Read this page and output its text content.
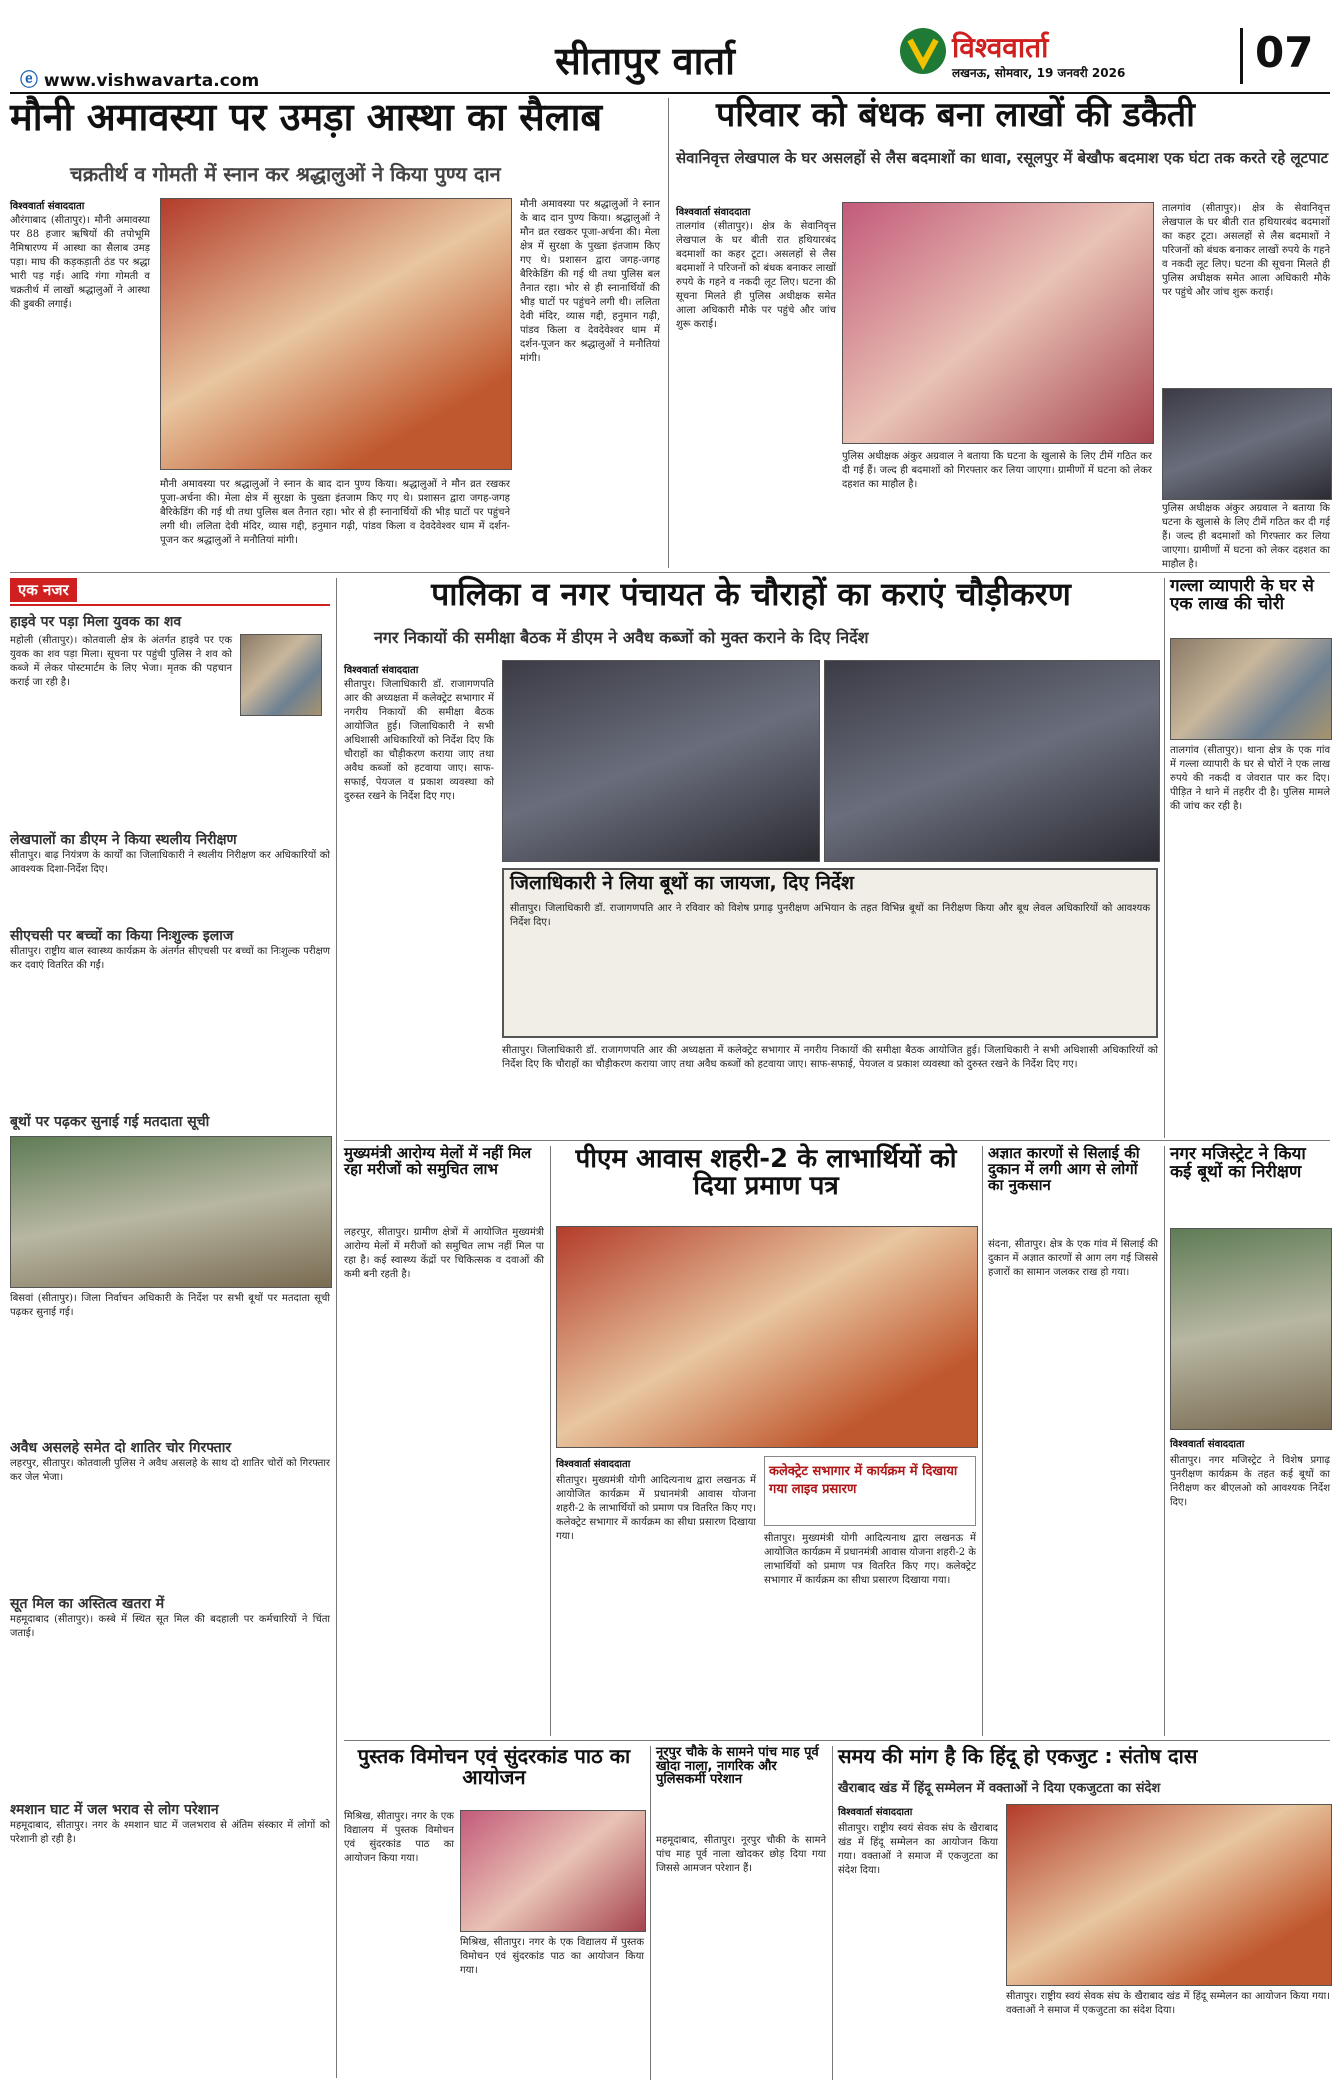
ⓔ www.vishwavarta.com	सीतापुर वार्ता	विश्ववार्ता
लखनऊ, सोमवार, 19 जनवरी 2026	07
मौनी अमावस्या पर उमड़ा आस्था का सैलाब
चक्रतीर्थ व गोमती में स्नान कर श्रद्धालुओं ने किया पुण्य दान
विश्ववार्ता संवाददाता
औरंगाबाद (सीतापुर)। मौनी अमावस्या पर 88 हजार ऋषियों की तपोभूमि नैमिषारण्य में आस्था का सैलाब उमड़ पड़ा। माघ की कड़कड़ाती ठंड पर श्रद्धा भारी पड़ गई। आदि गंगा गोमती व चक्रतीर्थ में लाखों श्रद्धालुओं ने आस्था की डुबकी लगाई।
मौनी अमावस्या पर श्रद्धालुओं ने स्नान के बाद दान पुण्य किया। श्रद्धालुओं ने मौन व्रत रखकर पूजा-अर्चना की। मेला क्षेत्र में सुरक्षा के पुख्ता इंतजाम किए गए थे। प्रशासन द्वारा जगह-जगह बैरिकेडिंग की गई थी तथा पुलिस बल तैनात रहा। भोर से ही स्नानार्थियों की भीड़ घाटों पर पहुंचने लगी थी। ललिता देवी मंदिर, व्यास गद्दी, हनुमान गढ़ी, पांडव किला व देवदेवेश्वर धाम में दर्शन-पूजन कर श्रद्धालुओं ने मनौतियां मांगी।
मौनी अमावस्या पर श्रद्धालुओं ने स्नान के बाद दान पुण्य किया। श्रद्धालुओं ने मौन व्रत रखकर पूजा-अर्चना की। मेला क्षेत्र में सुरक्षा के पुख्ता इंतजाम किए गए थे। प्रशासन द्वारा जगह-जगह बैरिकेडिंग की गई थी तथा पुलिस बल तैनात रहा। भोर से ही स्नानार्थियों की भीड़ घाटों पर पहुंचने लगी थी। ललिता देवी मंदिर, व्यास गद्दी, हनुमान गढ़ी, पांडव किला व देवदेवेश्वर धाम में दर्शन-पूजन कर श्रद्धालुओं ने मनौतियां मांगी।
परिवार को बंधक बना लाखों की डकैती
सेवानिवृत्त लेखपाल के घर असलहों से लैस बदमाशों का धावा, रसूलपुर में बेखौफ बदमाश एक घंटा तक करते रहे लूटपाट
विश्ववार्ता संवाददाता
तालगांव (सीतापुर)। क्षेत्र के सेवानिवृत्त लेखपाल के घर बीती रात हथियारबंद बदमाशों का कहर टूटा। असलहों से लैस बदमाशों ने परिजनों को बंधक बनाकर लाखों रुपये के गहने व नकदी लूट लिए। घटना की सूचना मिलते ही पुलिस अधीक्षक समेत आला अधिकारी मौके पर पहुंचे और जांच शुरू कराई।
पुलिस अधीक्षक अंकुर अग्रवाल ने बताया कि घटना के खुलासे के लिए टीमें गठित कर दी गई हैं। जल्द ही बदमाशों को गिरफ्तार कर लिया जाएगा। ग्रामीणों में घटना को लेकर दहशत का माहौल है।
तालगांव (सीतापुर)। क्षेत्र के सेवानिवृत्त लेखपाल के घर बीती रात हथियारबंद बदमाशों का कहर टूटा। असलहों से लैस बदमाशों ने परिजनों को बंधक बनाकर लाखों रुपये के गहने व नकदी लूट लिए। घटना की सूचना मिलते ही पुलिस अधीक्षक समेत आला अधिकारी मौके पर पहुंचे और जांच शुरू कराई।
पुलिस अधीक्षक अंकुर अग्रवाल ने बताया कि घटना के खुलासे के लिए टीमें गठित कर दी गई हैं। जल्द ही बदमाशों को गिरफ्तार कर लिया जाएगा। ग्रामीणों में घटना को लेकर दहशत का माहौल है।
एक नजर
हाइवे पर पड़ा मिला युवक का शव
महोली (सीतापुर)। कोतवाली क्षेत्र के अंतर्गत हाइवे पर एक युवक का शव पड़ा मिला। सूचना पर पहुंची पुलिस ने शव को कब्जे में लेकर पोस्टमार्टम के लिए भेजा। मृतक की पहचान कराई जा रही है।
लेखपालों का डीएम ने किया स्थलीय निरीक्षण
सीतापुर। बाढ़ नियंत्रण के कार्यों का जिलाधिकारी ने स्थलीय निरीक्षण कर अधिकारियों को आवश्यक दिशा-निर्देश दिए।
सीएचसी पर बच्चों का किया निःशुल्क इलाज
सीतापुर। राष्ट्रीय बाल स्वास्थ्य कार्यक्रम के अंतर्गत सीएचसी पर बच्चों का निःशुल्क परीक्षण कर दवाएं वितरित की गईं।
बूथों पर पढ़कर सुनाई गई मतदाता सूची
बिसवां (सीतापुर)। जिला निर्वाचन अधिकारी के निर्देश पर सभी बूथों पर मतदाता सूची पढ़कर सुनाई गई।
अवैध असलहे समेत दो शातिर चोर गिरफ्तार
लहरपुर, सीतापुर। कोतवाली पुलिस ने अवैध असलहे के साथ दो शातिर चोरों को गिरफ्तार कर जेल भेजा।
सूत मिल का अस्तित्व खतरा में
महमूदाबाद (सीतापुर)। कस्बे में स्थित सूत मिल की बदहाली पर कर्मचारियों ने चिंता जताई।
श्मशान घाट में जल भराव से लोग परेशान
महमूदाबाद, सीतापुर। नगर के श्मशान घाट में जलभराव से अंतिम संस्कार में लोगों को परेशानी हो रही है।
पालिका व नगर पंचायत के चौराहों का कराएं चौड़ीकरण
नगर निकायों की समीक्षा बैठक में डीएम ने अवैध कब्जों को मुक्त कराने के दिए निर्देश
विश्ववार्ता संवाददाता
सीतापुर। जिलाधिकारी डॉ. राजागणपति आर की अध्यक्षता में कलेक्ट्रेट सभागार में नगरीय निकायों की समीक्षा बैठक आयोजित हुई। जिलाधिकारी ने सभी अधिशासी अधिकारियों को निर्देश दिए कि चौराहों का चौड़ीकरण कराया जाए तथा अवैध कब्जों को हटवाया जाए। साफ-सफाई, पेयजल व प्रकाश व्यवस्था को दुरुस्त रखने के निर्देश दिए गए।
जिलाधिकारी ने लिया बूथों का जायजा, दिए निर्देश
सीतापुर। जिलाधिकारी डॉ. राजागणपति आर ने रविवार को विशेष प्रगाढ़ पुनरीक्षण अभियान के तहत विभिन्न बूथों का निरीक्षण किया और बूथ लेवल अधिकारियों को आवश्यक निर्देश दिए।
सीतापुर। जिलाधिकारी डॉ. राजागणपति आर की अध्यक्षता में कलेक्ट्रेट सभागार में नगरीय निकायों की समीक्षा बैठक आयोजित हुई। जिलाधिकारी ने सभी अधिशासी अधिकारियों को निर्देश दिए कि चौराहों का चौड़ीकरण कराया जाए तथा अवैध कब्जों को हटवाया जाए। साफ-सफाई, पेयजल व प्रकाश व्यवस्था को दुरुस्त रखने के निर्देश दिए गए।
गल्ला व्यापारी के घर से एक लाख की चोरी
तालगांव (सीतापुर)। थाना क्षेत्र के एक गांव में गल्ला व्यापारी के घर से चोरों ने एक लाख रुपये की नकदी व जेवरात पार कर दिए। पीड़ित ने थाने में तहरीर दी है। पुलिस मामले की जांच कर रही है।
मुख्यमंत्री आरोग्य मेलों में नहीं मिल रहा मरीजों को समुचित लाभ
लहरपुर, सीतापुर। ग्रामीण क्षेत्रों में आयोजित मुख्यमंत्री आरोग्य मेलों में मरीजों को समुचित लाभ नहीं मिल पा रहा है। कई स्वास्थ्य केंद्रों पर चिकित्सक व दवाओं की कमी बनी रहती है।
पीएम आवास शहरी-2 के लाभार्थियों को दिया प्रमाण पत्र
विश्ववार्ता संवाददाता
सीतापुर। मुख्यमंत्री योगी आदित्यनाथ द्वारा लखनऊ में आयोजित कार्यक्रम में प्रधानमंत्री आवास योजना शहरी-2 के लाभार्थियों को प्रमाण पत्र वितरित किए गए। कलेक्ट्रेट सभागार में कार्यक्रम का सीधा प्रसारण दिखाया गया।
कलेक्ट्रेट सभागार में कार्यक्रम में दिखाया गया लाइव प्रसारण
सीतापुर। मुख्यमंत्री योगी आदित्यनाथ द्वारा लखनऊ में आयोजित कार्यक्रम में प्रधानमंत्री आवास योजना शहरी-2 के लाभार्थियों को प्रमाण पत्र वितरित किए गए। कलेक्ट्रेट सभागार में कार्यक्रम का सीधा प्रसारण दिखाया गया।
अज्ञात कारणों से सिलाई की दुकान में लगी आग से लोगों का नुकसान
संदना, सीतापुर। क्षेत्र के एक गांव में सिलाई की दुकान में अज्ञात कारणों से आग लग गई जिससे हजारों का सामान जलकर राख हो गया।
नगर मजिस्ट्रेट ने किया कई बूथों का निरीक्षण
विश्ववार्ता संवाददाता
सीतापुर। नगर मजिस्ट्रेट ने विशेष प्रगाढ़ पुनरीक्षण कार्यक्रम के तहत कई बूथों का निरीक्षण कर बीएलओ को आवश्यक निर्देश दिए।
पुस्तक विमोचन एवं सुंदरकांड पाठ का आयोजन
मिश्रिख, सीतापुर। नगर के एक विद्यालय में पुस्तक विमोचन एवं सुंदरकांड पाठ का आयोजन किया गया।
मिश्रिख, सीतापुर। नगर के एक विद्यालय में पुस्तक विमोचन एवं सुंदरकांड पाठ का आयोजन किया गया।
नूरपुर चौके के सामने पांच माह पूर्व खोदा नाला, नागरिक और पुलिसकर्मी परेशान
महमूदाबाद, सीतापुर। नूरपुर चौकी के सामने पांच माह पूर्व नाला खोदकर छोड़ दिया गया जिससे आमजन परेशान हैं।
समय की मांग है कि हिंदू हो एकजुट : संतोष दास
खैराबाद खंड में हिंदू सम्मेलन में वक्ताओं ने दिया एकजुटता का संदेश
विश्ववार्ता संवाददाता
सीतापुर। राष्ट्रीय स्वयं सेवक संघ के खैराबाद खंड में हिंदू सम्मेलन का आयोजन किया गया। वक्ताओं ने समाज में एकजुटता का संदेश दिया।
सीतापुर। राष्ट्रीय स्वयं सेवक संघ के खैराबाद खंड में हिंदू सम्मेलन का आयोजन किया गया। वक्ताओं ने समाज में एकजुटता का संदेश दिया।
